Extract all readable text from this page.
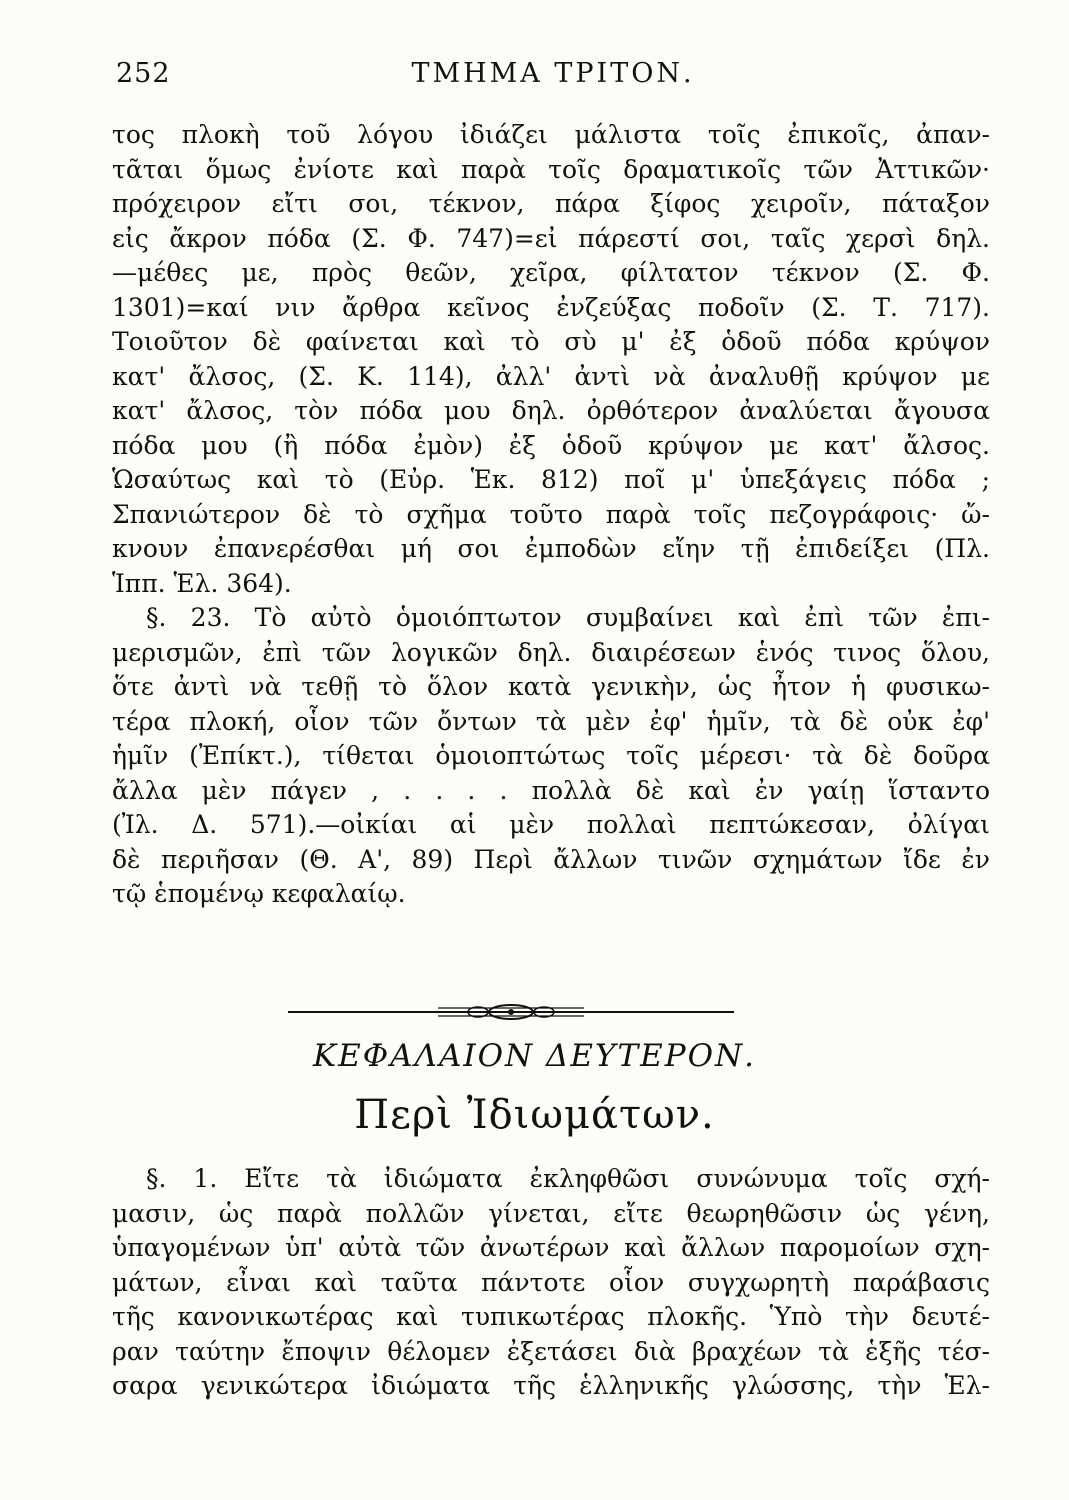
252	ΤΜΗΜΑ ΤΡΙΤΟΝ.
τος πλοκὴ τοῦ λόγου ἰδιάζει μάλιστα τοῖς ἐπικοῖς, ἀπαν-
τᾶται ὅμως ἐνίοτε καὶ παρὰ τοῖς δραματικοῖς τῶν Ἀττικῶν·
πρόχειρον εἴτι σοι, τέκνον, πάρα ξίφος χειροῖν, πάταξον
εἰς ἄκρον πόδα (Σ. Φ. 747)=εἰ πάρεστί σοι, ταῖς χερσὶ δηλ.
—μέθες με, πρὸς θεῶν, χεῖρα, φίλτατον τέκνον (Σ. Φ.
1301)=καί νιν ἄρθρα κεῖνος ἐνζεύξας ποδοῖν (Σ. Τ. 717).
Τοιοῦτον δὲ φαίνεται καὶ τὸ σὺ μ' ἐξ ὁδοῦ πόδα κρύψον
κατ' ἄλσος, (Σ. Κ. 114), ἀλλ' ἀντὶ νὰ ἀναλυθῇ κρύψον με
κατ' ἄλσος, τὸν πόδα μου δηλ. ὀρθότερον ἀναλύεται ἄγουσα
πόδα μου (ἢ πόδα ἐμὸν) ἐξ ὁδοῦ κρύψον με κατ' ἄλσος.
Ὡσαύτως καὶ τὸ (Εὐρ. Ἑκ. 812) ποῖ μ' ὑπεξάγεις πόδα ;
Σπανιώτερον δὲ τὸ σχῆμα τοῦτο παρὰ τοῖς πεζογράφοις· ὤ-
κνουν ἐπανερέσθαι μή σοι ἐμποδὼν εἴην τῇ ἐπιδείξει (Πλ.
Ἱππ. Ἑλ. 364).
§. 23. Τὸ αὐτὸ ὁμοιόπτωτον συμβαίνει καὶ ἐπὶ τῶν ἐπι-
μερισμῶν, ἐπὶ τῶν λογικῶν δηλ. διαιρέσεων ἑνός τινος ὅλου,
ὅτε ἀντὶ νὰ τεθῇ τὸ ὅλον κατὰ γενικὴν, ὡς ἦτον ἡ φυσικω-
τέρα πλοκή, οἷον τῶν ὄντων τὰ μὲν ἐφ' ἡμῖν, τὰ δὲ οὐκ ἐφ'
ἡμῖν (Ἐπίκτ.), τίθεται ὁμοιοπτώτως τοῖς μέρεσι· τὰ δὲ δοῦρα
ἄλλα μὲν πάγεν , . . . . πολλὰ δὲ καὶ ἐν γαίῃ ἵσταντο
(Ἰλ. Δ. 571).—οἰκίαι αἱ μὲν πολλαὶ πεπτώκεσαν, ὀλίγαι
δὲ περιῆσαν (Θ. Α', 89) Περὶ ἄλλων τινῶν σχημάτων ἴδε ἐν
τῷ ἑπομένῳ κεφαλαίῳ.
ΚΕΦΑΛΑΙΟΝ ΔΕΥΤΕΡΟΝ.
Περὶ Ἰδιωμάτων.
§. 1. Εἴτε τὰ ἰδιώματα ἐκληφθῶσι συνώνυμα τοῖς σχή-
μασιν, ὡς παρὰ πολλῶν γίνεται, εἴτε θεωρηθῶσιν ὡς γένη,
ὑπαγομένων ὑπ' αὐτὰ τῶν ἀνωτέρων καὶ ἄλλων παρομοίων σχη-
μάτων, εἶναι καὶ ταῦτα πάντοτε οἷον συγχωρητὴ παράβασις
τῆς κανονικωτέρας καὶ τυπικωτέρας πλοκῆς. Ὑπὸ τὴν δευτέ-
ραν ταύτην ἔποψιν θέλομεν ἐξετάσει διὰ βραχέων τὰ ἑξῆς τέσ-
σαρα γενικώτερα ἰδιώματα τῆς ἑλληνικῆς γλώσσης, τὴν Ἑλ-
